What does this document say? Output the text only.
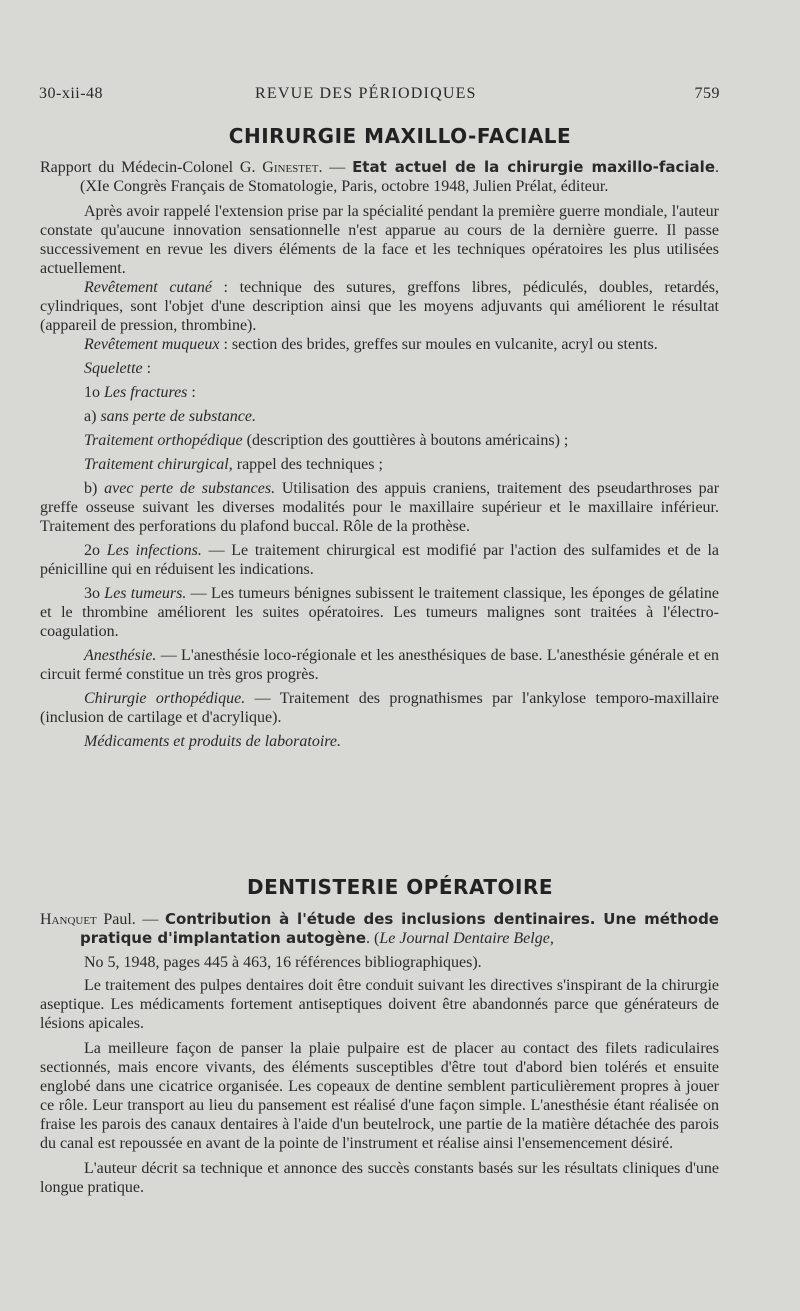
30-xii-48	REVUE DES PÉRIODIQUES	759
CHIRURGIE MAXILLO-FACIALE

Rapport du Médecin-Colonel G. Ginestet. — Etat actuel de la chirurgie maxillo-faciale. (XIe Congrès Français de Stomatologie, Paris, octobre 1948, Julien Prélat, éditeur.

Après avoir rappelé l'extension prise par la spécialité pendant la première guerre mondiale, l'auteur constate qu'aucune innovation sensationnelle n'est apparue au cours de la dernière guerre. Il passe successivement en revue les divers éléments de la face et les techniques opératoires les plus utilisées actuellement.

Revêtement cutané : technique des sutures, greffons libres, pédiculés, doubles, retardés, cylindriques, sont l'objet d'une description ainsi que les moyens adjuvants qui améliorent le résultat (appareil de pression, thrombine).

Revêtement muqueux : section des brides, greffes sur moules en vulcanite, acryl ou stents.

Squelette :

1o Les fractures :

a) sans perte de substance.

Traitement orthopédique (description des gouttières à boutons américains) ;

Traitement chirurgical, rappel des techniques ;

b) avec perte de substances. Utilisation des appuis craniens, traitement des pseudarthroses par greffe osseuse suivant les diverses modalités pour le maxillaire supérieur et le maxillaire inférieur. Traitement des perforations du plafond buccal. Rôle de la prothèse.

2o Les infections. — Le traitement chirurgical est modifié par l'action des sulfamides et de la pénicilline qui en réduisent les indications.

3o Les tumeurs. — Les tumeurs bénignes subissent le traitement classique, les éponges de gélatine et le thrombine améliorent les suites opératoires. Les tumeurs malignes sont traitées à l'électro-coagulation.

Anesthésie. — L'anesthésie loco-régionale et les anesthésiques de base. L'anesthésie générale et en circuit fermé constitue un très gros progrès.

Chirurgie orthopédique. — Traitement des prognathismes par l'ankylose temporo-maxillaire (inclusion de cartilage et d'acrylique).

Médicaments et produits de laboratoire.

DENTISTERIE OPÉRATOIRE

Hanquet Paul. — Contribution à l'étude des inclusions dentinaires. Une méthode pratique d'implantation autogène. (Le Journal Dentaire Belge,

No 5, 1948, pages 445 à 463, 16 références bibliographiques).

Le traitement des pulpes dentaires doit être conduit suivant les directives s'inspirant de la chirurgie aseptique. Les médicaments fortement antiseptiques doivent être abandonnés parce que générateurs de lésions apicales.

La meilleure façon de panser la plaie pulpaire est de placer au contact des filets radiculaires sectionnés, mais encore vivants, des éléments susceptibles d'être tout d'abord bien tolérés et ensuite englobé dans une cicatrice organisée. Les copeaux de dentine semblent particulièrement propres à jouer ce rôle. Leur transport au lieu du pansement est réalisé d'une façon simple. L'anesthésie étant réalisée on fraise les parois des canaux dentaires à l'aide d'un beutelrock, une partie de la matière détachée des parois du canal est repoussée en avant de la pointe de l'instrument et réalise ainsi l'ensemencement désiré.

L'auteur décrit sa technique et annonce des succès constants basés sur les résultats cliniques d'une longue pratique.
